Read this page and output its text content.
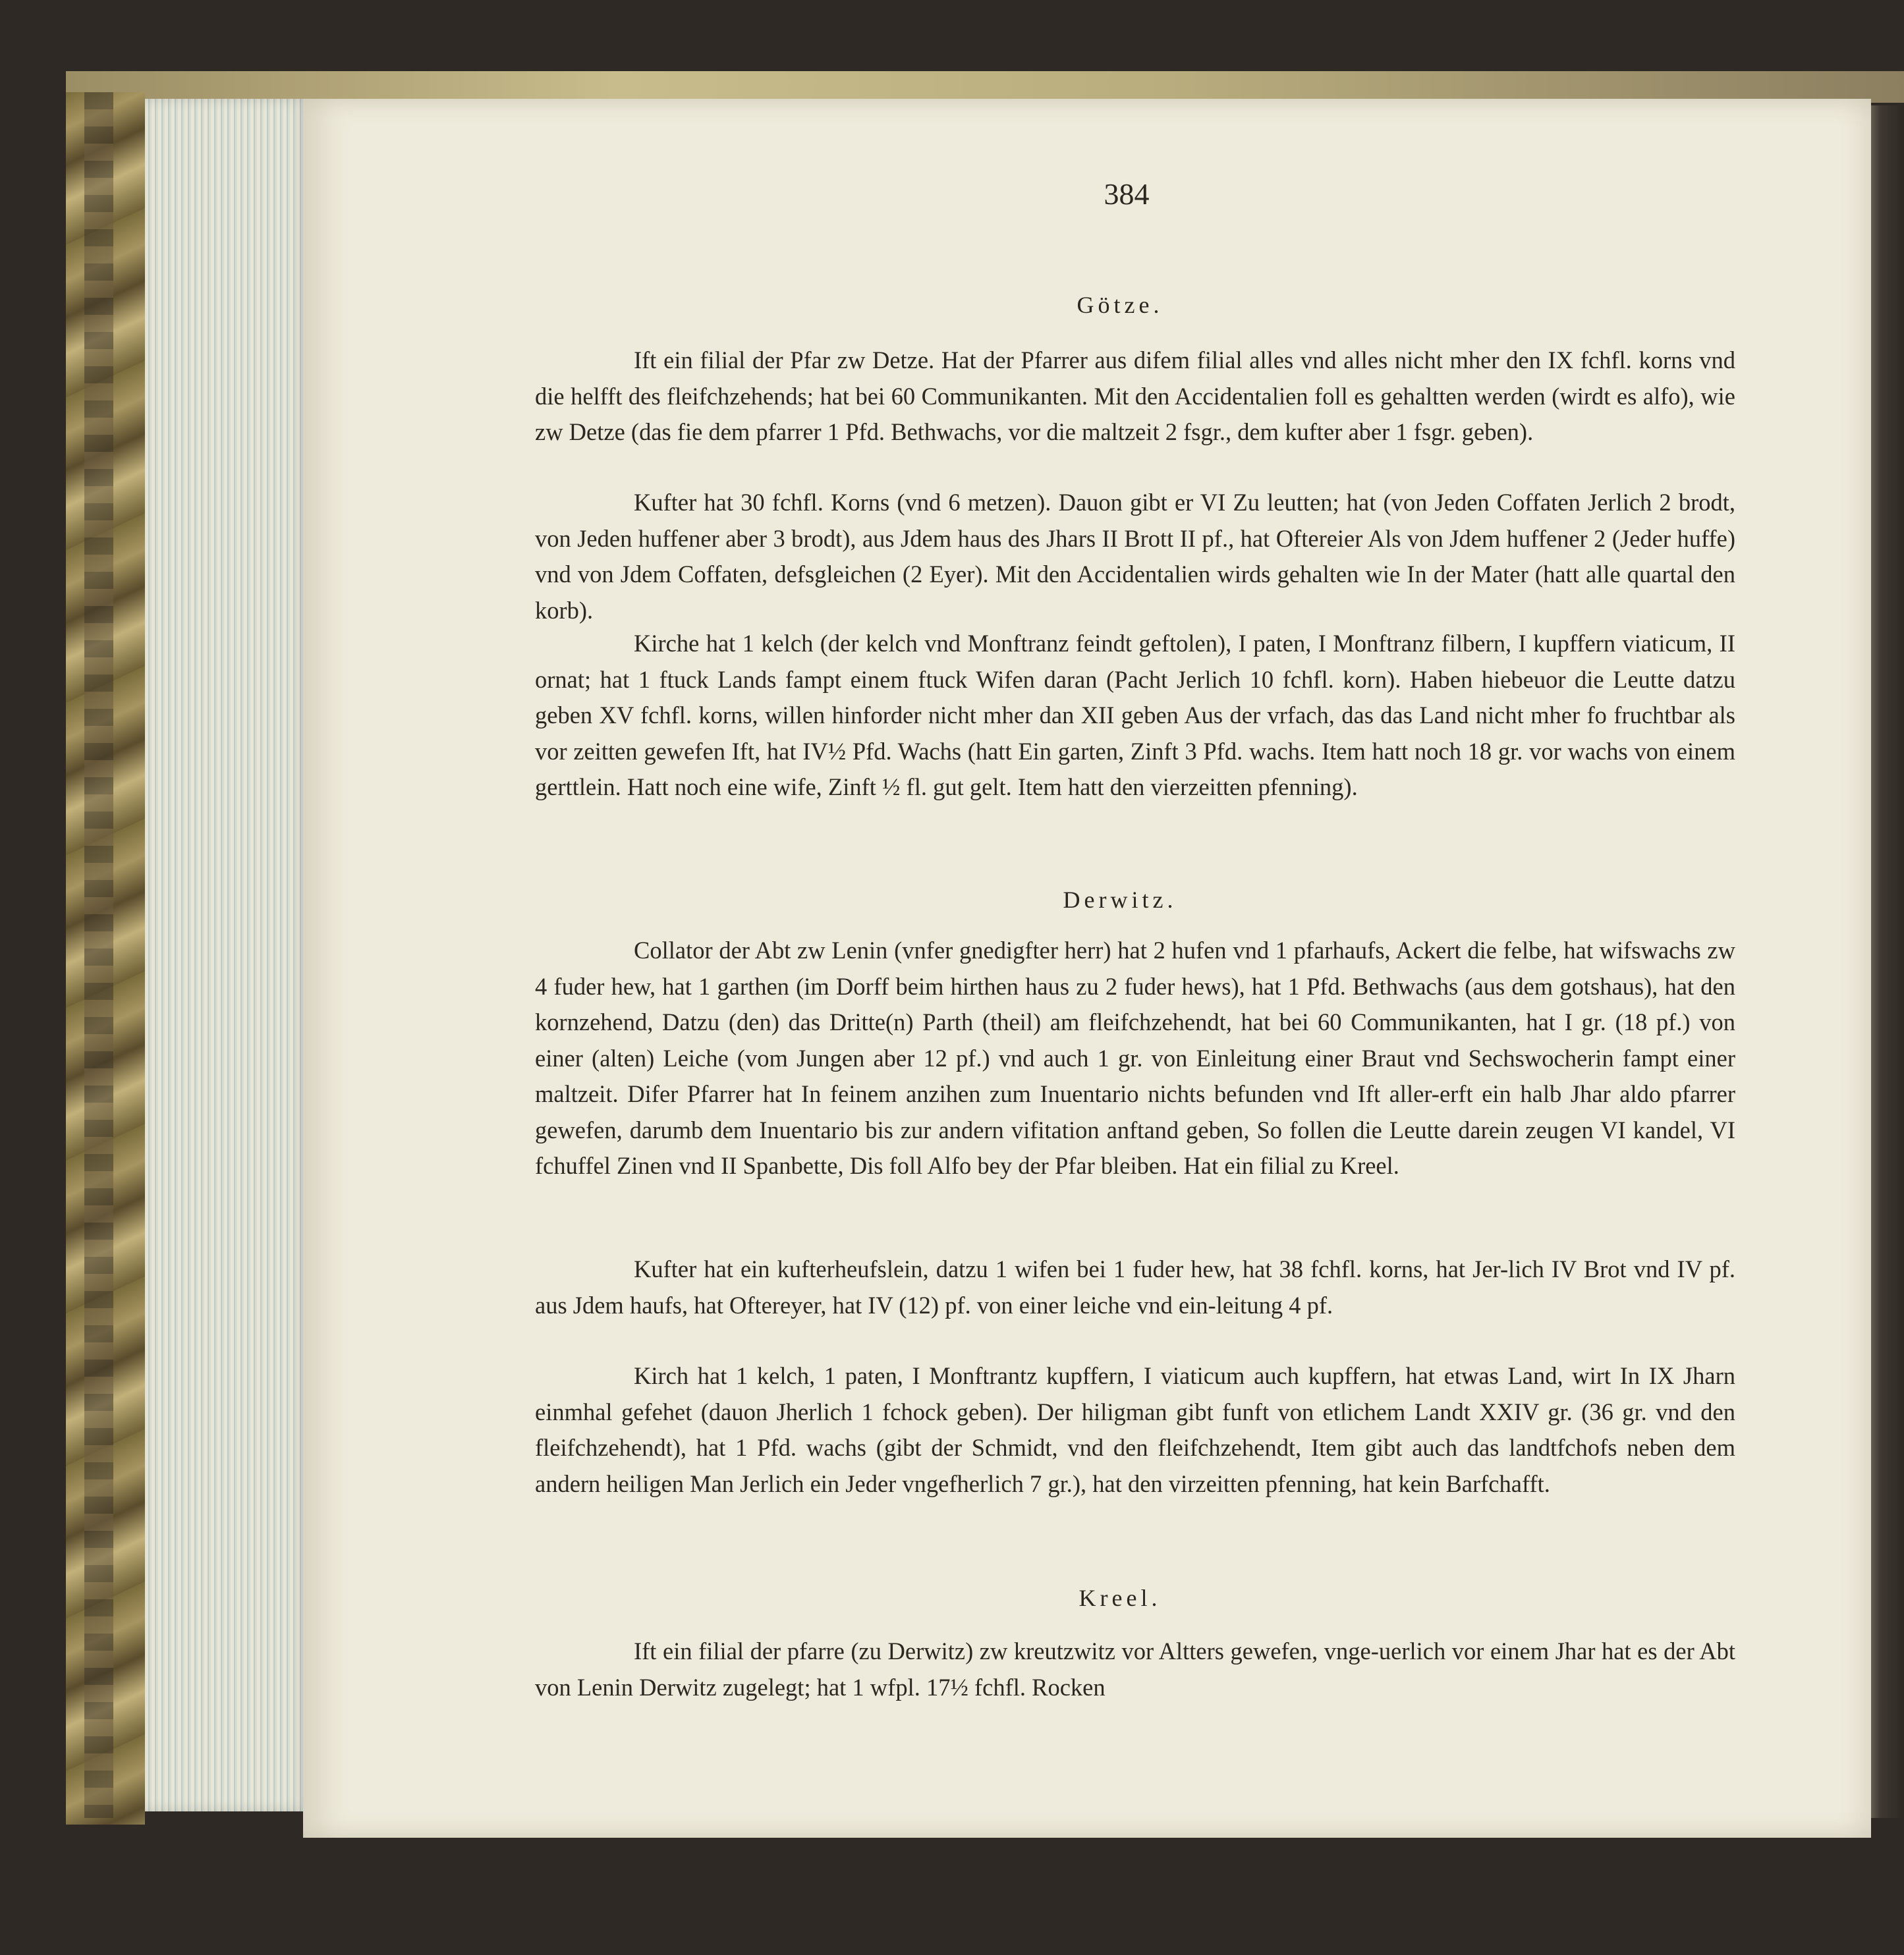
384
Götze.
Ift ein filial der Pfar zw Detze. Hat der Pfarrer aus difem filial alles vnd alles nicht mher den IX fchfl. korns vnd die helfft des fleifchzehends; hat bei 60 Communikanten. Mit den Accidentalien foll es gehaltten werden (wirdt es alfo), wie zw Detze (das fie dem pfarrer 1 Pfd. Bethwachs, vor die maltzeit 2 fsgr., dem kufter aber 1 fsgr. geben).
Kufter hat 30 fchfl. Korns (vnd 6 metzen). Dauon gibt er VI Zu leutten; hat (von Jeden Coffaten Jerlich 2 brodt, von Jeden huffener aber 3 brodt), aus Jdem haus des Jhars II Brott II pf., hat Oftereier Als von Jdem huffener 2 (Jeder huffe) vnd von Jdem Coffaten, defsgleichen (2 Eyer). Mit den Accidentalien wirds gehalten wie In der Mater (hatt alle quartal den korb).
Kirche hat 1 kelch (der kelch vnd Monftranz feindt geftolen), I paten, I Monftranz filbern, I kupffern viaticum, II ornat; hat 1 ftuck Lands fampt einem ftuck Wifen daran (Pacht Jerlich 10 fchfl. korn). Haben hiebeuor die Leutte datzu geben XV fchfl. korns, willen hinforder nicht mher dan XII geben Aus der vrfach, das das Land nicht mher fo fruchtbar als vor zeitten gewefen Ift, hat IV½ Pfd. Wachs (hatt Ein garten, Zinft 3 Pfd. wachs. Item hatt noch 18 gr. vor wachs von einem gerttlein. Hatt noch eine wife, Zinft ½ fl. gut gelt. Item hatt den vierzeitten pfenning).
Derwitz.
Collator der Abt zw Lenin (vnfer gnedigfter herr) hat 2 hufen vnd 1 pfarhaufs, Ackert die felbe, hat wifswachs zw 4 fuder hew, hat 1 garthen (im Dorff beim hirthen haus zu 2 fuder hews), hat 1 Pfd. Bethwachs (aus dem gotshaus), hat den kornzehend, Datzu (den) das Dritte(n) Parth (theil) am fleifchzehendt, hat bei 60 Communikanten, hat I gr. (18 pf.) von einer (alten) Leiche (vom Jungen aber 12 pf.) vnd auch 1 gr. von Einleitung einer Braut vnd Sechswocherin fampt einer maltzeit. Difer Pfarrer hat In feinem anzihen zum Inuentario nichts befunden vnd Ift aller-erft ein halb Jhar aldo pfarrer gewefen, darumb dem Inuentario bis zur andern vifitation anftand geben, So follen die Leutte darein zeugen VI kandel, VI fchuffel Zinen vnd II Spanbette, Dis foll Alfo bey der Pfar bleiben. Hat ein filial zu Kreel.
Kufter hat ein kufterheufslein, datzu 1 wifen bei 1 fuder hew, hat 38 fchfl. korns, hat Jer-lich IV Brot vnd IV pf. aus Jdem haufs, hat Oftereyer, hat IV (12) pf. von einer leiche vnd ein-leitung 4 pf.
Kirch hat 1 kelch, 1 paten, I Monftrantz kupffern, I viaticum auch kupffern, hat etwas Land, wirt In IX Jharn einmhal gefehet (dauon Jherlich 1 fchock geben). Der hiligman gibt funft von etlichem Landt XXIV gr. (36 gr. vnd den fleifchzehendt), hat 1 Pfd. wachs (gibt der Schmidt, vnd den fleifchzehendt, Item gibt auch das landtfchofs neben dem andern heiligen Man Jerlich ein Jeder vngefherlich 7 gr.), hat den virzeitten pfenning, hat kein Barfchafft.
Kreel.
Ift ein filial der pfarre (zu Derwitz) zw kreutzwitz vor Altters gewefen, vnge-uerlich vor einem Jhar hat es der Abt von Lenin Derwitz zugelegt; hat 1 wfpl. 17½ fchfl. Rocken
